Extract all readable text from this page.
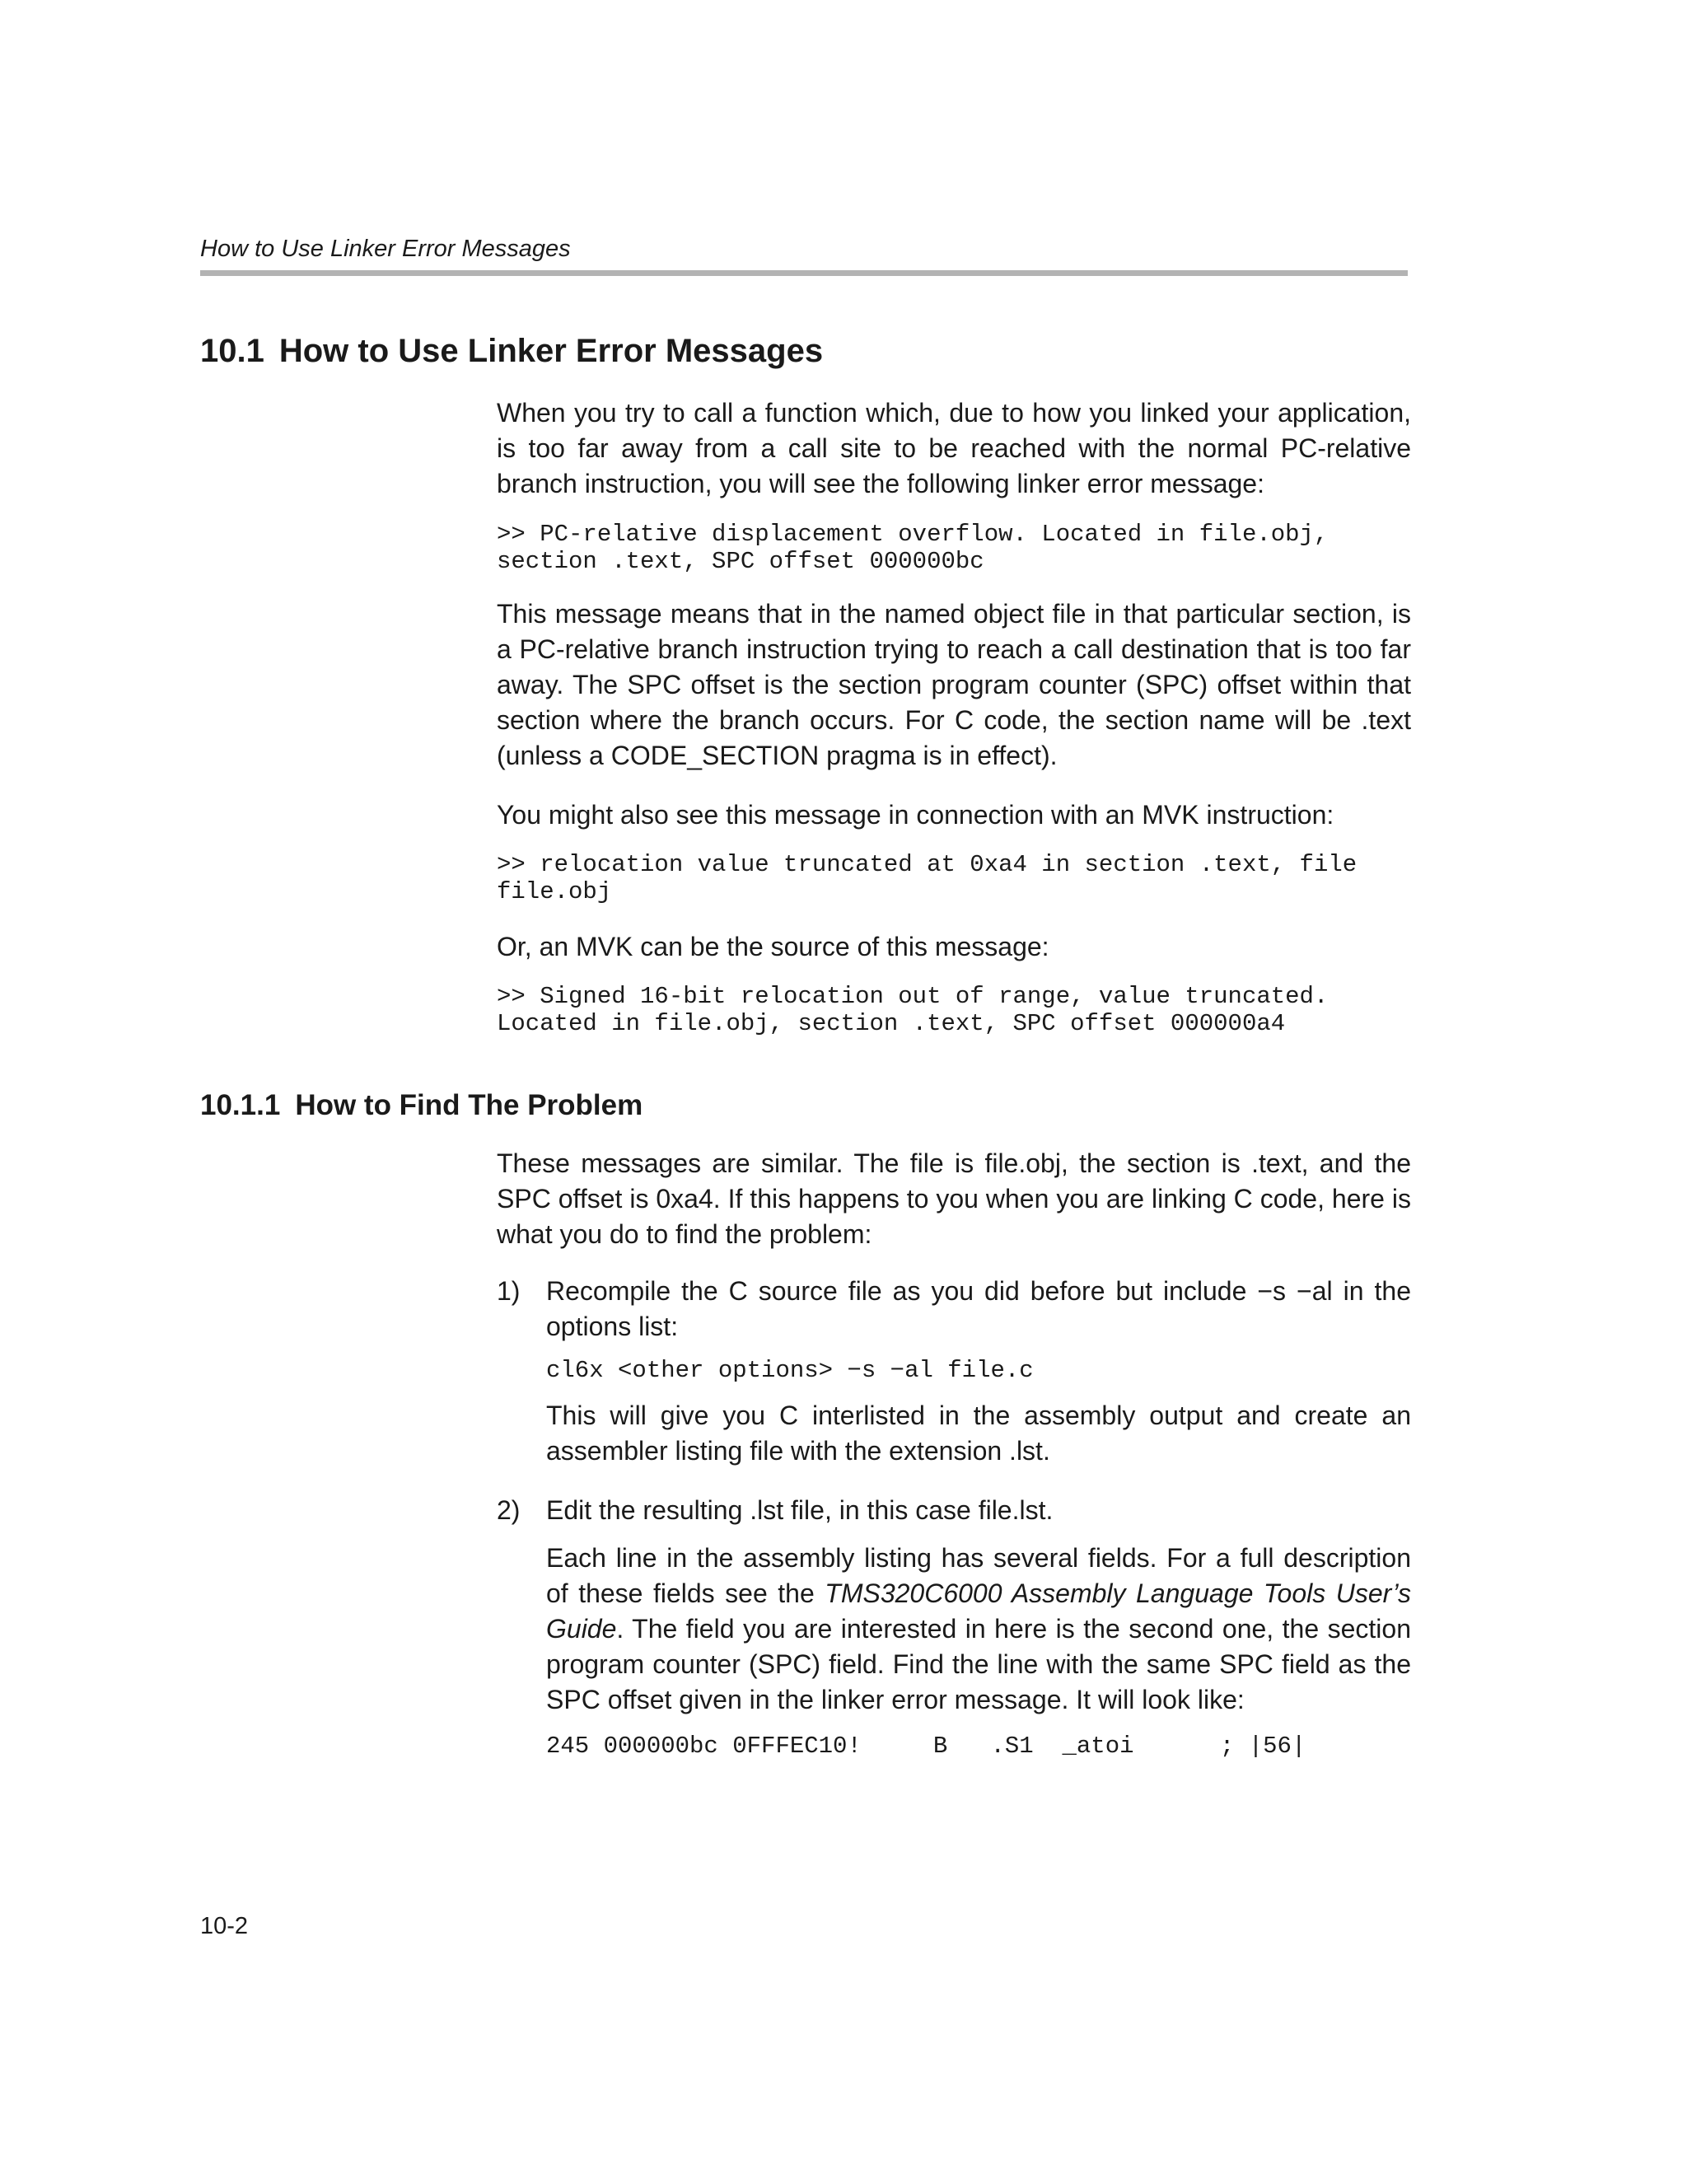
How to Use Linker Error Messages
10.1 How to Use Linker Error Messages

When you try to call a function which, due to how you linked your application, is too far away from a call site to be reached with the normal PC-relative branch instruction, you will see the following linker error message:

>> PC-relative displacement overflow. Located in file.obj,
section .text, SPC offset 000000bc

This message means that in the named object file in that particular section, is a PC-relative branch instruction trying to reach a call destination that is too far away. The SPC offset is the section program counter (SPC) offset within that section where the branch occurs. For C code, the section name will be .text (unless a CODE_SECTION pragma is in effect).

You might also see this message in connection with an MVK instruction:

>> relocation value truncated at 0xa4 in section .text, file
file.obj

Or, an MVK can be the source of this message:

>> Signed 16-bit relocation out of range, value truncated.
Located in file.obj, section .text, SPC offset 000000a4
10.1.1 How to Find The Problem

These messages are similar. The file is file.obj, the section is .text, and the SPC offset is 0xa4. If this happens to you when you are linking C code, here is what you do to find the problem:

1) Recompile the C source file as you did before but include −s −al in the options list:

cl6x <other options> −s −al file.c

This will give you C interlisted in the assembly output and create an assembler listing file with the extension .lst.

2) Edit the resulting .lst file, in this case file.lst.

Each line in the assembly listing has several fields. For a full description of these fields see the TMS320C6000 Assembly Language Tools User’s Guide. The field you are interested in here is the second one, the section program counter (SPC) field. Find the line with the same SPC field as the SPC offset given in the linker error message. It will look like:

245 000000bc 0FFFEC10!     B   .S1  _atoi      ; |56|
10-2
